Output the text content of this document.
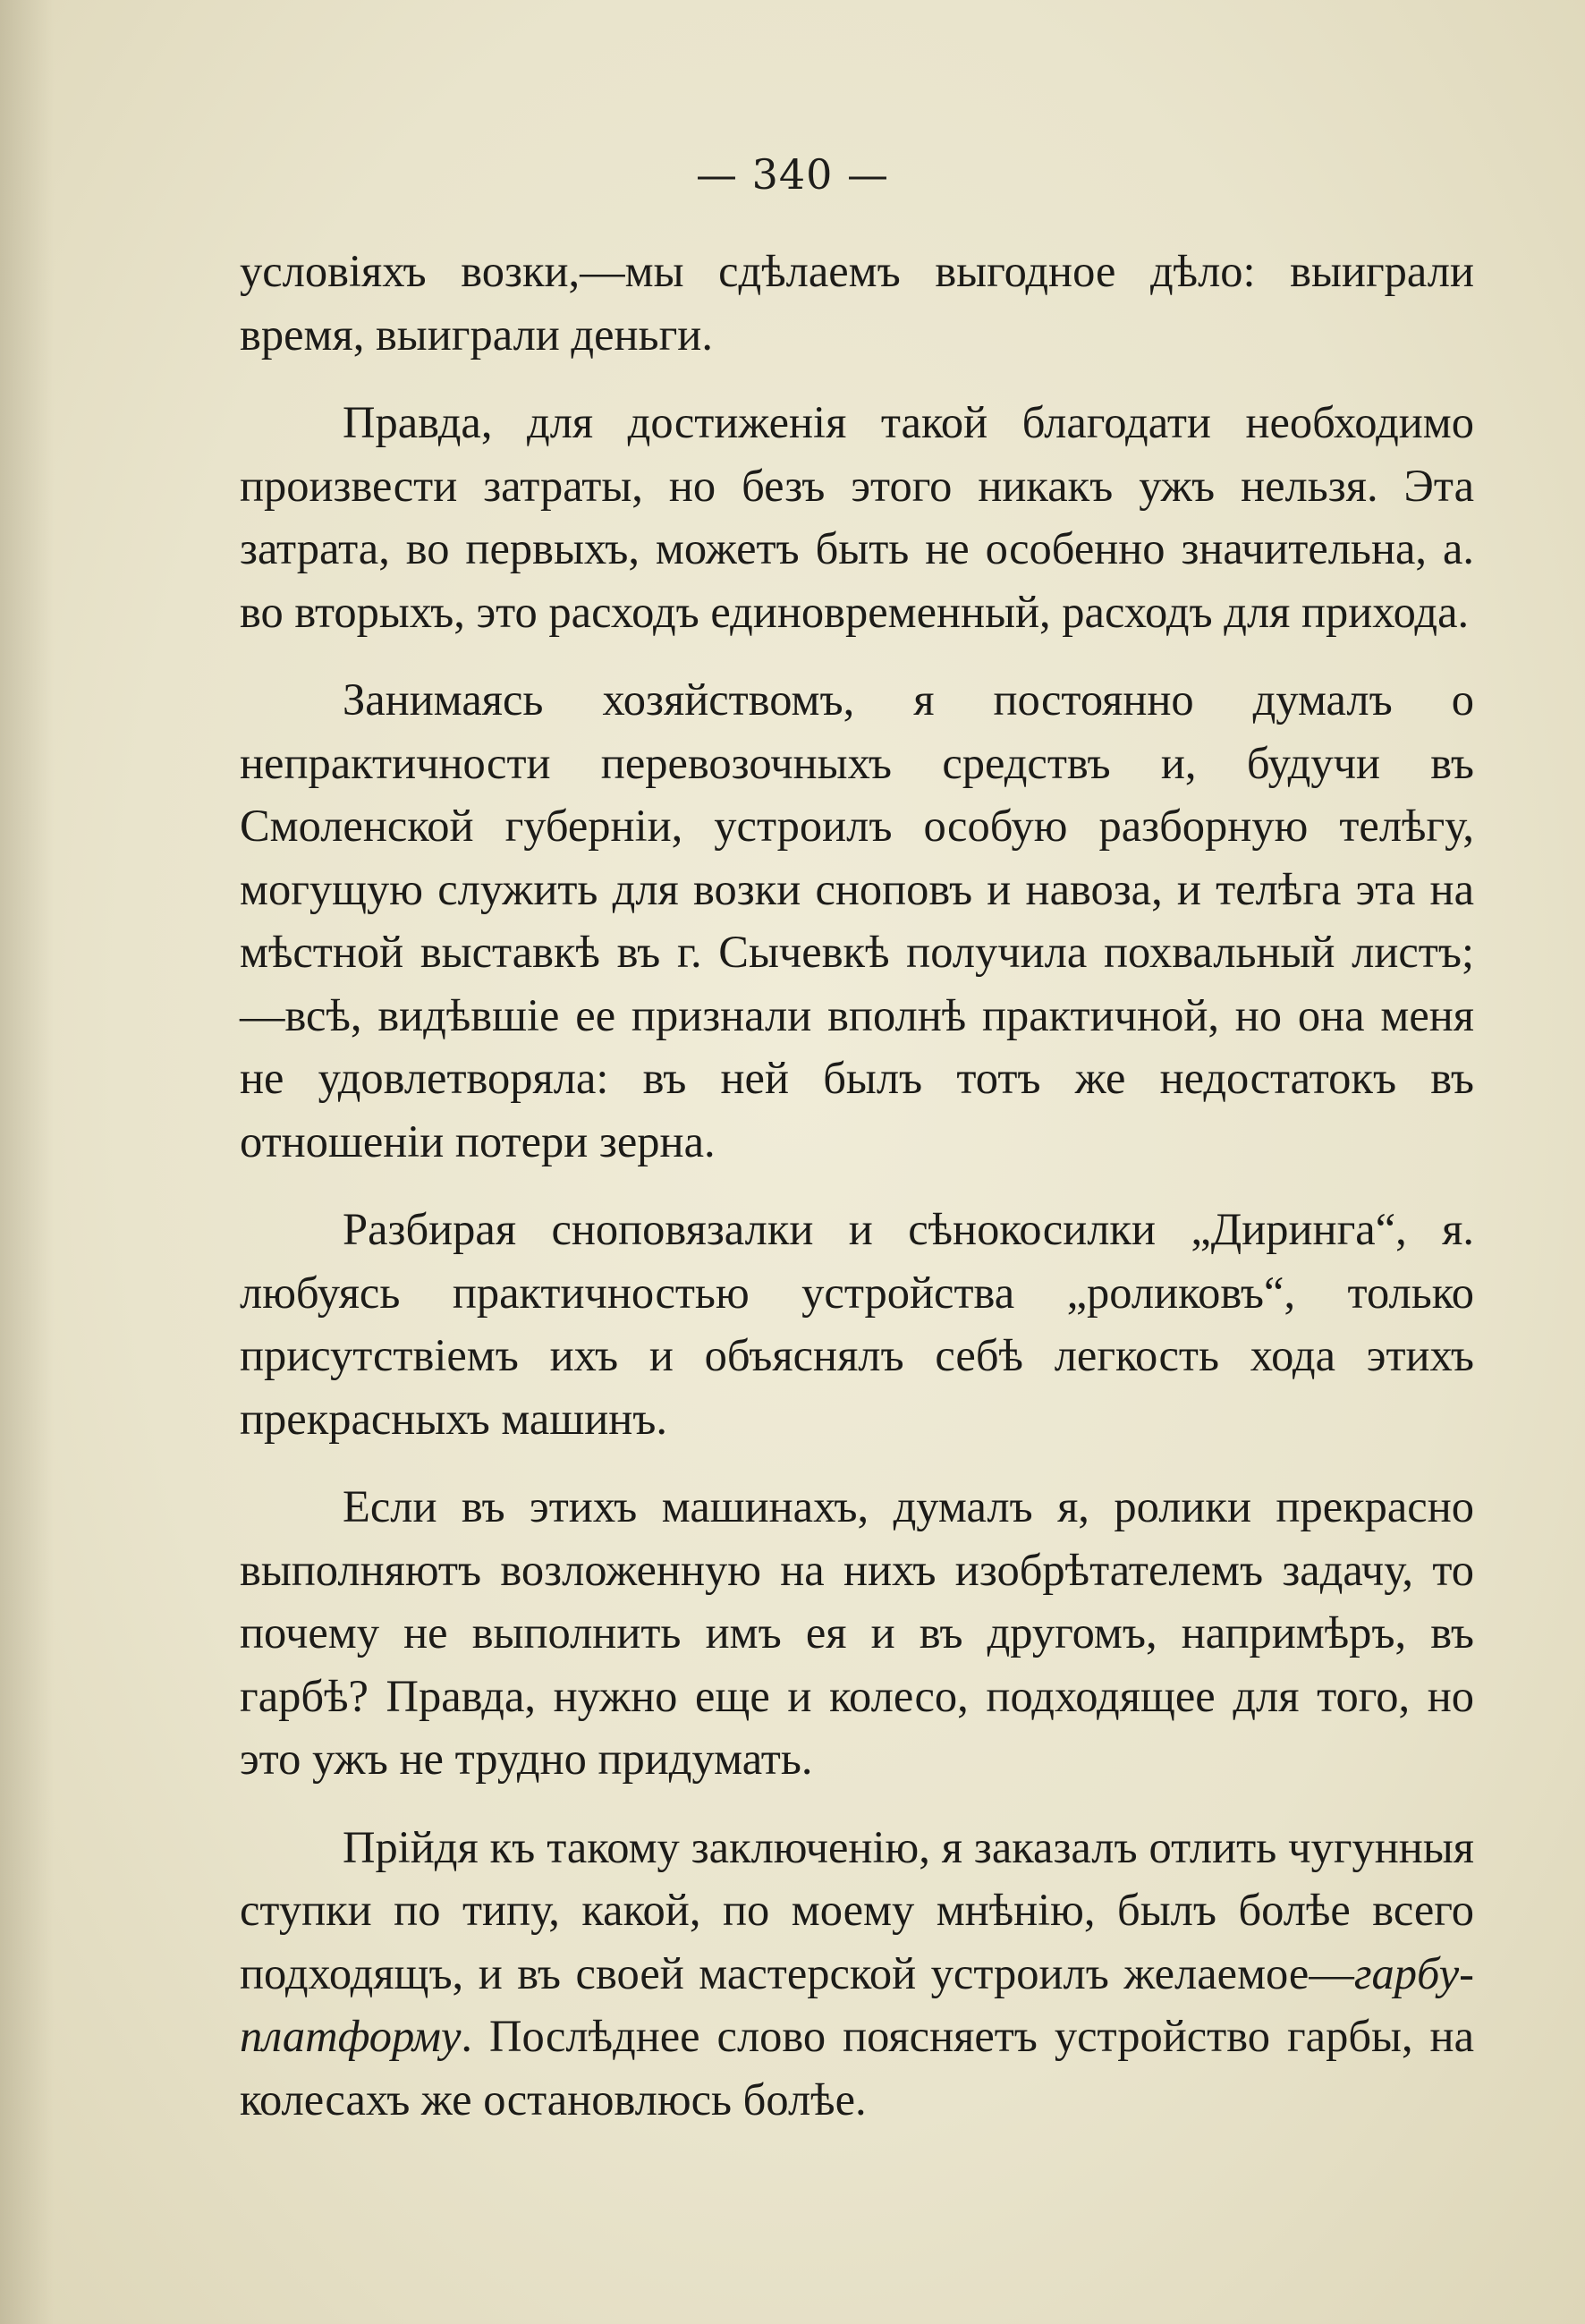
— 340 —

условіяхъ возки,—мы сдѣлаемъ выгодное дѣло: выиграли время, выиграли деньги.

Правда, для достиженія такой благодати необходимо произвести затраты, но безъ этого никакъ ужъ нельзя. Эта затрата, во первыхъ, можетъ быть не особенно значительна, а. во вторыхъ, это расходъ единовременный, расходъ для прихода.

Занимаясь хозяйствомъ, я постоянно думалъ о непрактичности перевозочныхъ средствъ и, будучи въ Смоленской губерніи, устроилъ особую разборную телѣгу, могущую служить для возки сноповъ и навоза, и телѣга эта на мѣстной выставкѣ въ г. Сычевкѣ получила похвальный листъ;—всѣ, видѣвшіе ее признали вполнѣ практичной, но она меня не удовлетворяла: въ ней былъ тотъ же недостатокъ въ отношеніи потери зерна.

Разбирая сноповязалки и сѣнокосилки „Диринга“, я. любуясь практичностью устройства „роликовъ“, только присутствіемъ ихъ и объяснялъ себѣ легкость хода этихъ прекрасныхъ машинъ.

Если въ этихъ машинахъ, думалъ я, ролики прекрасно выполняютъ возложенную на нихъ изобрѣтателемъ задачу, то почему не выполнить имъ ея и въ другомъ, напримѣръ, въ гарбѣ? Правда, нужно еще и колесо, подходящее для того, но это ужъ не трудно придумать.

Прійдя къ такому заключенію, я заказалъ отлить чугунныя ступки по типу, какой, по моему мнѣнію, былъ болѣе всего подходящъ, и въ своей мастерской устроилъ желаемое—гарбу-платформу. Послѣднее слово поясняетъ устройство гарбы, на колесахъ же остановлюсь болѣе.
